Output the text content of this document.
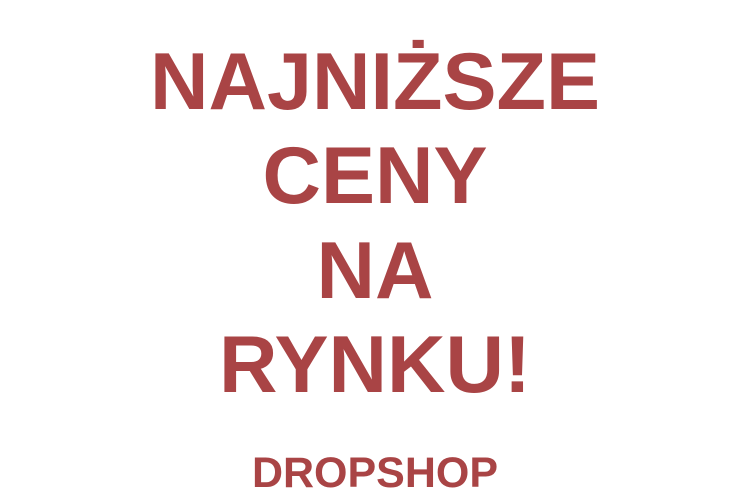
NAJNIŻSZE
CENY
NA
RYNKU!
DROPSHOP
